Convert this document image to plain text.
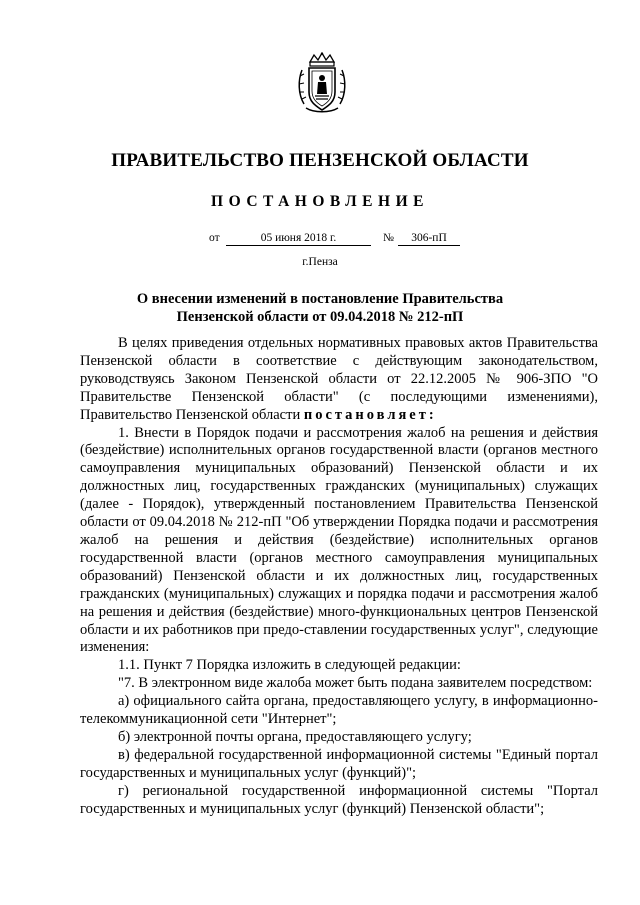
ПРАВИТЕЛЬСТВО ПЕНЗЕНСКОЙ ОБЛАСТИ
ПОСТАНОВЛЕНИЕ
от	05 июня 2018 г.	№	306-пП
г.Пенза
О внесении изменений в постановление Правительства
Пензенской области от 09.04.2018 № 212-пП

В целях приведения отдельных нормативных правовых актов Правительства Пензенской области в соответствие с действующим законодательством, руководствуясь Законом Пензенской области от 22.12.2005 № 906-ЗПО "О Правительстве Пензенской области" (с последующими изменениями), Правительство Пензенской области постановляет:

1. Внести в Порядок подачи и рассмотрения жалоб на решения и действия (бездействие) исполнительных органов государственной власти (органов местного самоуправления муниципальных образований) Пензенской области и их должностных лиц, государственных гражданских (муниципальных) служащих (далее - Порядок), утвержденный постановлением Правительства Пензенской области от 09.04.2018 № 212-пП "Об утверждении Порядка подачи и рассмотрения жалоб на решения и действия (бездействие) исполнительных органов государственной власти (органов местного самоуправления муниципальных образований) Пензенской области и их должностных лиц, государственных гражданских (муниципальных) служащих и порядка подачи и рассмотрения жалоб на решения и действия (бездействие) много-функциональных центров Пензенской области и их работников при предо-ставлении государственных услуг", следующие изменения:

1.1. Пункт 7 Порядка изложить в следующей редакции:

"7. В электронном виде жалоба может быть подана заявителем посредством:

а) официального сайта органа, предоставляющего услугу, в информационно-телекоммуникационной сети "Интернет";

б) электронной почты органа, предоставляющего услугу;

в) федеральной государственной информационной системы "Единый портал государственных и муниципальных услуг (функций)";

г) региональной государственной информационной системы "Портал государственных и муниципальных услуг (функций) Пензенской области";
